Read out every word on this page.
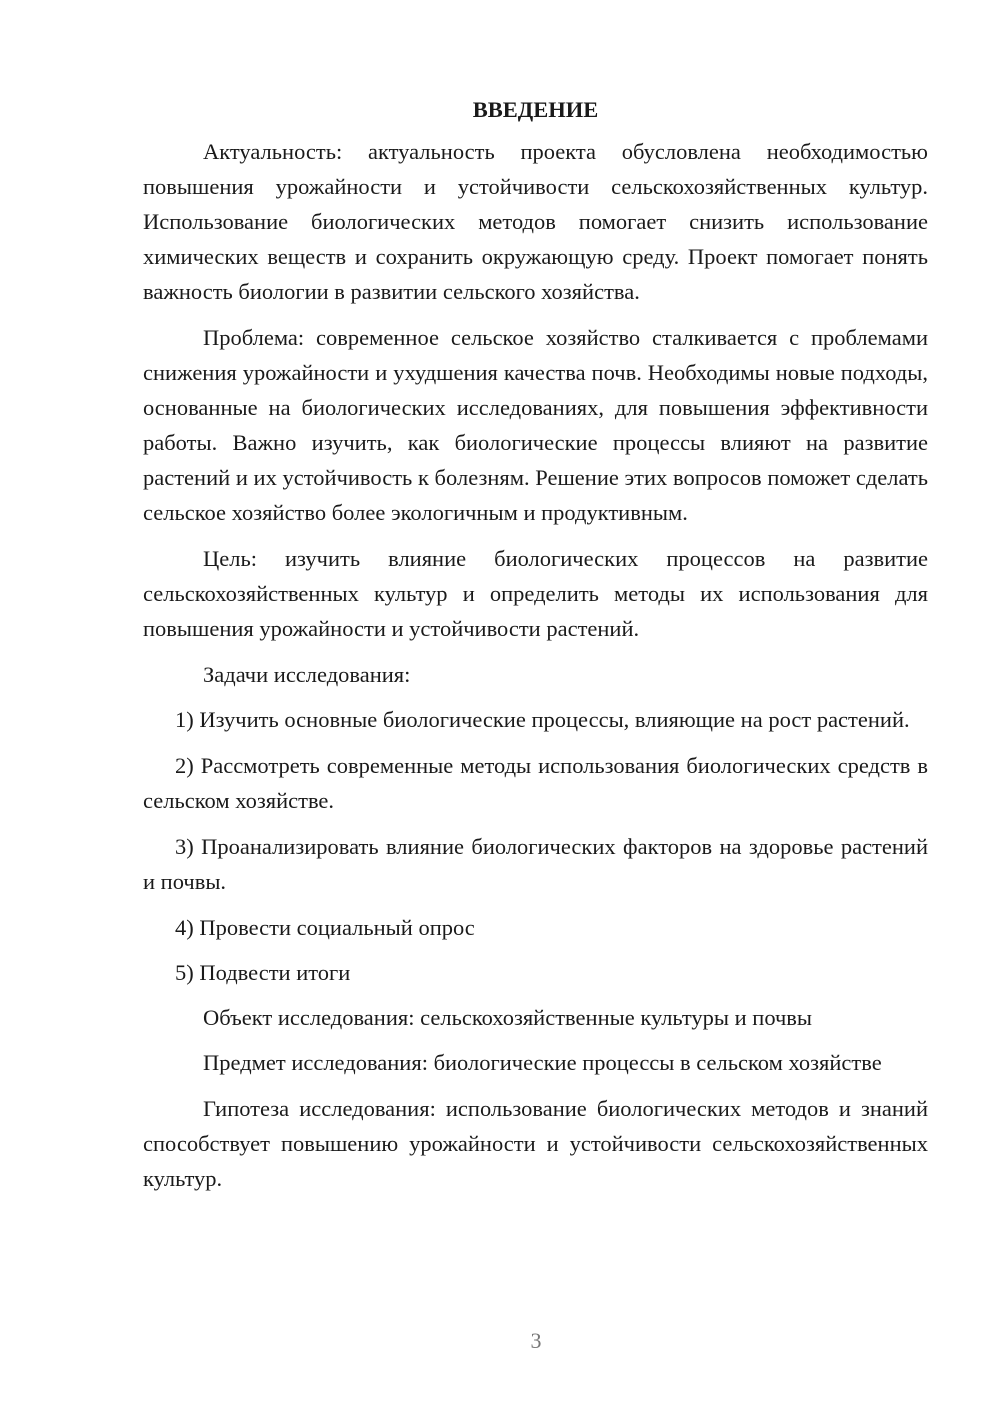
ВВЕДЕНИЕ

Актуальность: актуальность проекта обусловлена необходимостью повышения урожайности и устойчивости сельскохозяйственных культур. Использование биологических методов помогает снизить использование химических веществ и сохранить окружающую среду. Проект помогает понять важность биологии в развитии сельского хозяйства.

Проблема: современное сельское хозяйство сталкивается с проблемами снижения урожайности и ухудшения качества почв. Необходимы новые подходы, основанные на биологических исследованиях, для повышения эффективности работы. Важно изучить, как биологические процессы влияют на развитие растений и их устойчивость к болезням. Решение этих вопросов поможет сделать сельское хозяйство более экологичным и продуктивным.

Цель: изучить влияние биологических процессов на развитие сельскохозяйственных культур и определить методы их использования для повышения урожайности и устойчивости растений.

Задачи исследования:

1) Изучить основные биологические процессы, влияющие на рост растений.

2) Рассмотреть современные методы использования биологических средств в сельском хозяйстве.

3) Проанализировать влияние биологических факторов на здоровье растений и почвы.

4) Провести социальный опрос

5) Подвести итоги

Объект исследования: сельскохозяйственные культуры и почвы

Предмет исследования: биологические процессы в сельском хозяйстве

Гипотеза исследования: использование биологических методов и знаний способствует повышению урожайности и устойчивости сельскохозяйственных культур.

3
